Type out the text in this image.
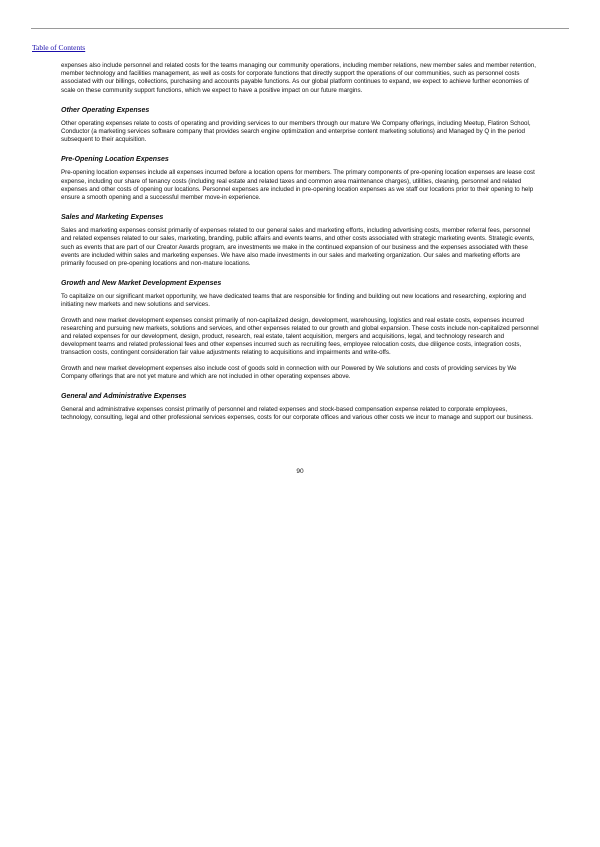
Table of Contents

expenses also include personnel and related costs for the teams managing our community operations, including member relations, new member sales and member retention, member technology and facilities management, as well as costs for corporate functions that directly support the operations of our communities, such as personnel costs associated with our billings, collections, purchasing and accounts payable functions. As our global platform continues to expand, we expect to achieve further economies of scale on these community support functions, which we expect to have a positive impact on our future margins.

Other Operating Expenses

Other operating expenses relate to costs of operating and providing services to our members through our mature We Company offerings, including Meetup, Flatiron School, Conductor (a marketing services software company that provides search engine optimization and enterprise content marketing solutions) and Managed by Q in the period subsequent to their acquisition.

Pre-Opening Location Expenses

Pre-opening location expenses include all expenses incurred before a location opens for members. The primary components of pre-opening location expenses are lease cost expense, including our share of tenancy costs (including real estate and related taxes and common area maintenance charges), utilities, cleaning, personnel and related expenses and other costs of opening our locations. Personnel expenses are included in pre-opening location expenses as we staff our locations prior to their opening to help ensure a smooth opening and a successful member move-in experience.

Sales and Marketing Expenses

Sales and marketing expenses consist primarily of expenses related to our general sales and marketing efforts, including advertising costs, member referral fees, personnel and related expenses related to our sales, marketing, branding, public affairs and events teams, and other costs associated with strategic marketing events. Strategic events, such as events that are part of our Creator Awards program, are investments we make in the continued expansion of our business and the expenses associated with these events are included within sales and marketing expenses. We have also made investments in our sales and marketing organization. Our sales and marketing efforts are primarily focused on pre-opening locations and non-mature locations.

Growth and New Market Development Expenses

To capitalize on our significant market opportunity, we have dedicated teams that are responsible for finding and building out new locations and researching, exploring and initiating new markets and new solutions and services.

Growth and new market development expenses consist primarily of non-capitalized design, development, warehousing, logistics and real estate costs, expenses incurred researching and pursuing new markets, solutions and services, and other expenses related to our growth and global expansion. These costs include non-capitalized personnel and related expenses for our development, design, product, research, real estate, talent acquisition, mergers and acquisitions, legal, and technology research and development teams and related professional fees and other expenses incurred such as recruiting fees, employee relocation costs, due diligence costs, integration costs, transaction costs, contingent consideration fair value adjustments relating to acquisitions and impairments and write-offs.

Growth and new market development expenses also include cost of goods sold in connection with our Powered by We solutions and costs of providing services by We Company offerings that are not yet mature and which are not included in other operating expenses above.

General and Administrative Expenses

General and administrative expenses consist primarily of personnel and related expenses and stock-based compensation expense related to corporate employees, technology, consulting, legal and other professional services expenses, costs for our corporate offices and various other costs we incur to manage and support our business.

90
